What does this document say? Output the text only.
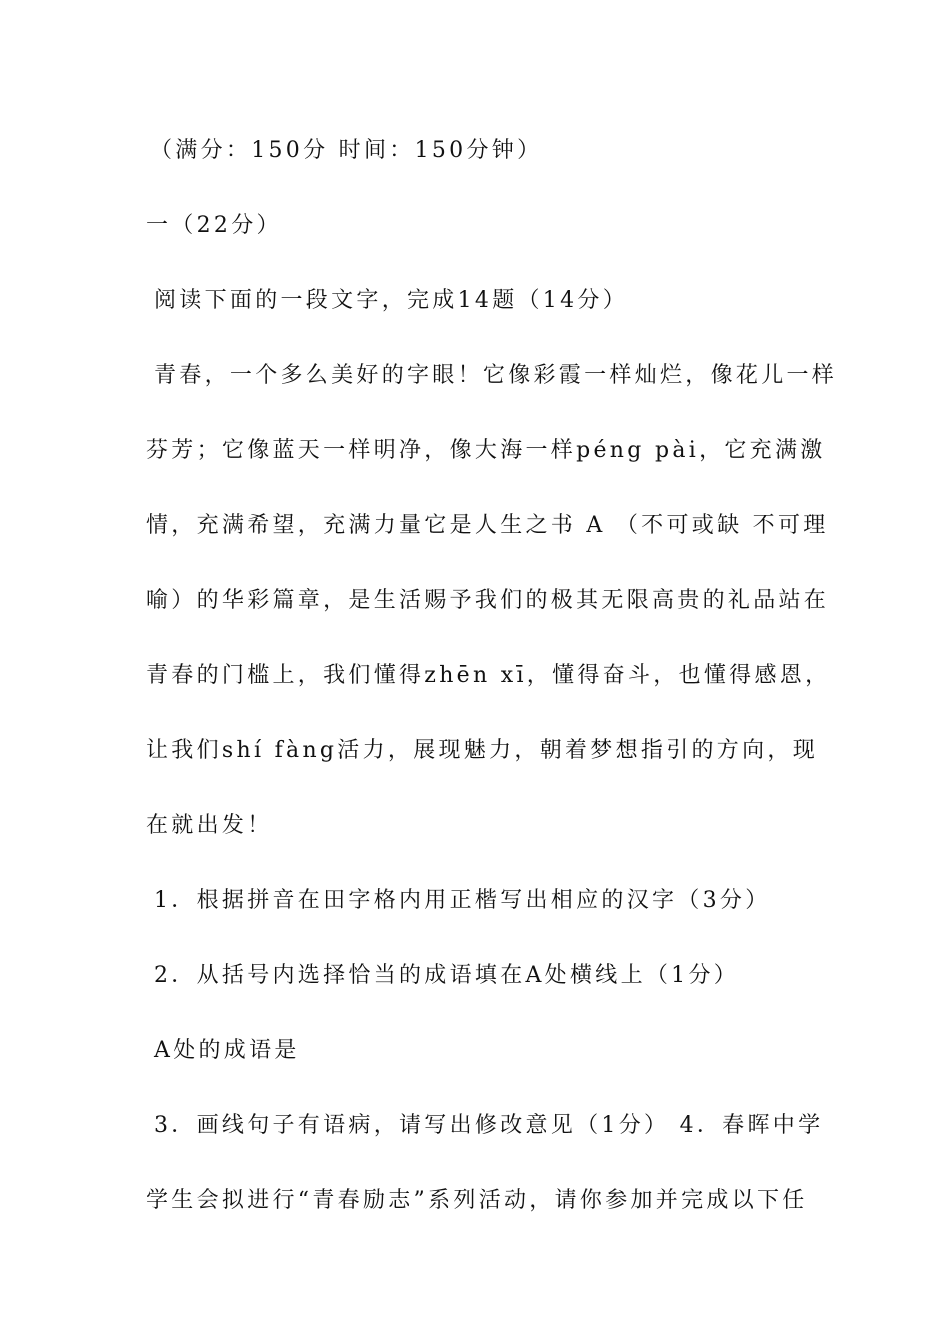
（满分：150分 时间：150分钟）
一（22分）
阅读下面的一段文字，完成14题（14分）
青春，一个多么美好的字眼！它像彩霞一样灿烂，像花儿一样
芬芳；它像蓝天一样明净，像大海一样péng pài，它充满激
情，充满希望，充满力量它是人生之书 A （不可或缺 不可理
喻）的华彩篇章，是生活赐予我们的极其无限高贵的礼品站在
青春的门槛上，我们懂得zhēn xī，懂得奋斗，也懂得感恩，
让我们shí fàng活力，展现魅力，朝着梦想指引的方向，现
在就出发！
1．根据拼音在田字格内用正楷写出相应的汉字（3分）
2．从括号内选择恰当的成语填在A处横线上（1分）
A处的成语是
3．画线句子有语病，请写出修改意见（1分） 4．春晖中学
学生会拟进行“青春励志”系列活动，请你参加并完成以下任
